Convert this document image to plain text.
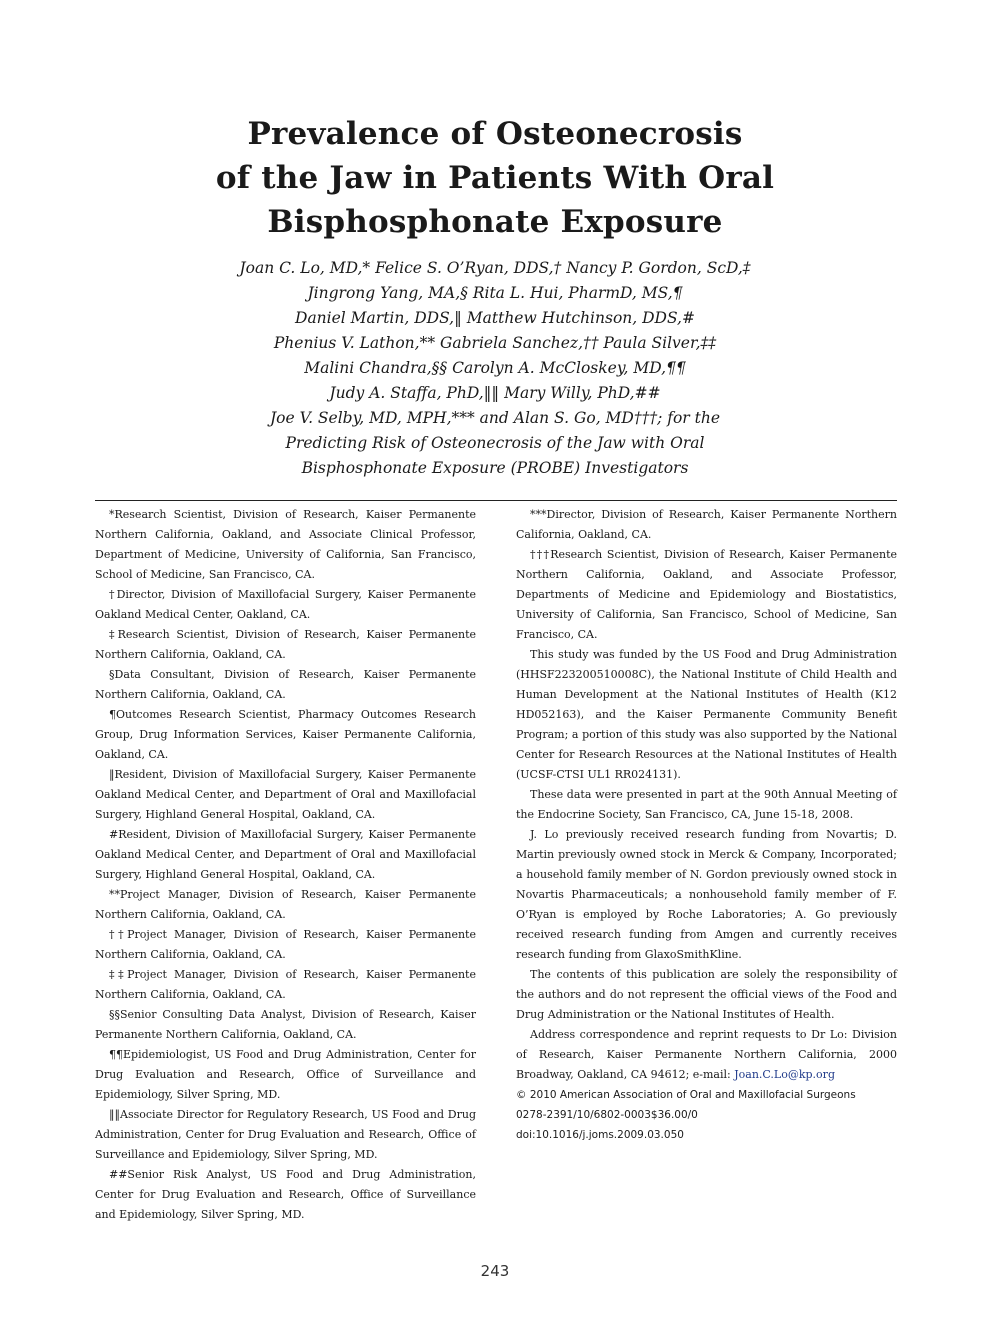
Prevalence of Osteonecrosis
of the Jaw in Patients With Oral
Bisphosphonate Exposure
Joan C. Lo, MD,* Felice S. O’Ryan, DDS,† Nancy P. Gordon, ScD,‡
Jingrong Yang, MA,§ Rita L. Hui, PharmD, MS,¶
Daniel Martin, DDS,‖ Matthew Hutchinson, DDS,#
Phenius V. Lathon,** Gabriela Sanchez,†† Paula Silver,‡‡
Malini Chandra,§§ Carolyn A. McCloskey, MD,¶¶
Judy A. Staffa, PhD,‖‖ Mary Willy, PhD,##
Joe V. Selby, MD, MPH,*** and Alan S. Go, MD†††; for the
Predicting Risk of Osteonecrosis of the Jaw with Oral
Bisphosphonate Exposure (PROBE) Investigators

*Research Scientist, Division of Research, Kaiser Permanente Northern California, Oakland, and Associate Clinical Professor, Department of Medicine, University of California, San Francisco, School of Medicine, San Francisco, CA.

†Director, Division of Maxillofacial Surgery, Kaiser Permanente Oakland Medical Center, Oakland, CA.

‡Research Scientist, Division of Research, Kaiser Permanente Northern California, Oakland, CA.

§Data Consultant, Division of Research, Kaiser Permanente Northern California, Oakland, CA.

¶Outcomes Research Scientist, Pharmacy Outcomes Research Group, Drug Information Services, Kaiser Permanente California, Oakland, CA.

‖Resident, Division of Maxillofacial Surgery, Kaiser Permanente Oakland Medical Center, and Department of Oral and Maxillofacial Surgery, Highland General Hospital, Oakland, CA.

#Resident, Division of Maxillofacial Surgery, Kaiser Permanente Oakland Medical Center, and Department of Oral and Maxillofacial Surgery, Highland General Hospital, Oakland, CA.

**Project Manager, Division of Research, Kaiser Permanente Northern California, Oakland, CA.

††Project Manager, Division of Research, Kaiser Permanente Northern California, Oakland, CA.

‡‡Project Manager, Division of Research, Kaiser Permanente Northern California, Oakland, CA.

§§Senior Consulting Data Analyst, Division of Research, Kaiser Permanente Northern California, Oakland, CA.

¶¶Epidemiologist, US Food and Drug Administration, Center for Drug Evaluation and Research, Office of Surveillance and Epidemiology, Silver Spring, MD.

‖‖Associate Director for Regulatory Research, US Food and Drug Administration, Center for Drug Evaluation and Research, Office of Surveillance and Epidemiology, Silver Spring, MD.

##Senior Risk Analyst, US Food and Drug Administration, Center for Drug Evaluation and Research, Office of Surveillance and Epidemiology, Silver Spring, MD.

***Director, Division of Research, Kaiser Permanente Northern California, Oakland, CA.

†††Research Scientist, Division of Research, Kaiser Permanente Northern California, Oakland, and Associate Professor, Departments of Medicine and Epidemiology and Biostatistics, University of California, San Francisco, School of Medicine, San Francisco, CA.

This study was funded by the US Food and Drug Administration (HHSF223200510008C), the National Institute of Child Health and Human Development at the National Institutes of Health (K12 HD052163), and the Kaiser Permanente Community Benefit Program; a portion of this study was also supported by the National Center for Research Resources at the National Institutes of Health (UCSF-CTSI UL1 RR024131).

These data were presented in part at the 90th Annual Meeting of the Endocrine Society, San Francisco, CA, June 15-18, 2008.

J. Lo previously received research funding from Novartis; D. Martin previously owned stock in Merck & Company, Incorporated; a household family member of N. Gordon previously owned stock in Novartis Pharmaceuticals; a nonhousehold family member of F. O’Ryan is employed by Roche Laboratories; A. Go previously received research funding from Amgen and currently receives research funding from GlaxoSmithKline.

The contents of this publication are solely the responsibility of the authors and do not represent the official views of the Food and Drug Administration or the National Institutes of Health.

Address correspondence and reprint requests to Dr Lo: Division of Research, Kaiser Permanente Northern California, 2000 Broadway, Oakland, CA 94612; e-mail: Joan.C.Lo@kp.org

© 2010 American Association of Oral and Maxillofacial Surgeons

0278-2391/10/6802-0003$36.00/0

doi:10.1016/j.joms.2009.03.050

243
